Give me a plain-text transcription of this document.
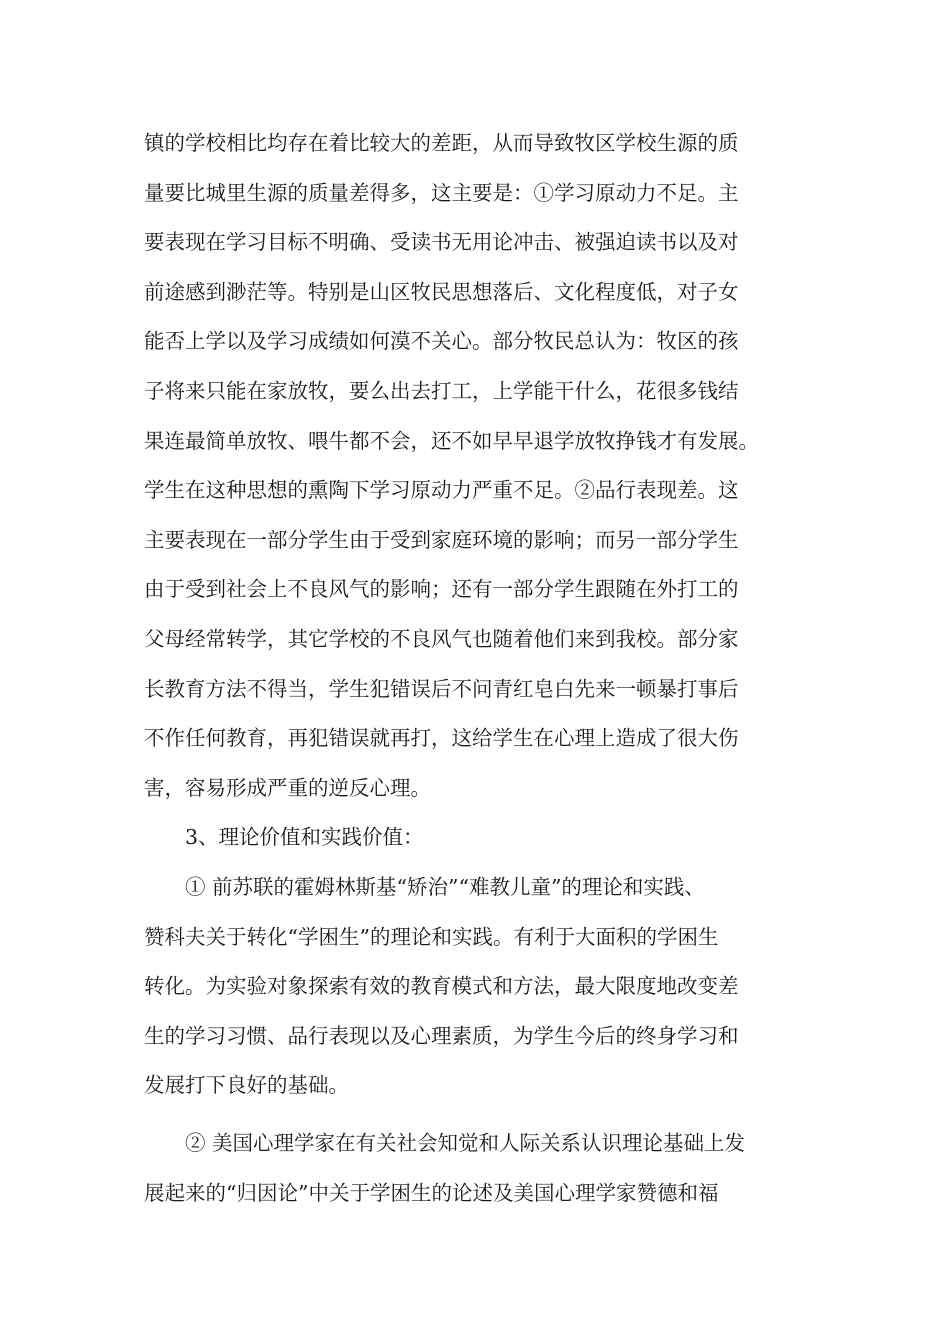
镇的学校相比均存在着比较大的差距，从而导致牧区学校生源的质

量要比城里生源的质量差得多，这主要是：①学习原动力不足。主

要表现在学习目标不明确、受读书无用论冲击、被强迫读书以及对

前途感到渺茫等。特别是山区牧民思想落后、文化程度低，对子女

能否上学以及学习成绩如何漠不关心。部分牧民总认为：牧区的孩

子将来只能在家放牧，要么出去打工，上学能干什么，花很多钱结

果连最简单放牧、喂牛都不会，还不如早早退学放牧挣钱才有发展。

学生在这种思想的熏陶下学习原动力严重不足。②品行表现差。这

主要表现在一部分学生由于受到家庭环境的影响；而另一部分学生

由于受到社会上不良风气的影响；还有一部分学生跟随在外打工的

父母经常转学，其它学校的不良风气也随着他们来到我校。部分家

长教育方法不得当，学生犯错误后不问青红皂白先来一顿暴打事后

不作任何教育，再犯错误就再打，这给学生在心理上造成了很大伤

害，容易形成严重的逆反心理。

3、理论价值和实践价值：

① 前苏联的霍姆林斯基“矫治”“难教儿童”的理论和实践、

赞科夫关于转化“学困生”的理论和实践。有利于大面积的学困生

转化。为实验对象探索有效的教育模式和方法，最大限度地改变差

生的学习习惯、品行表现以及心理素质，为学生今后的终身学习和

发展打下良好的基础。

② 美国心理学家在有关社会知觉和人际关系认识理论基础上发

展起来的“归因论”中关于学困生的论述及美国心理学家赞德和福
